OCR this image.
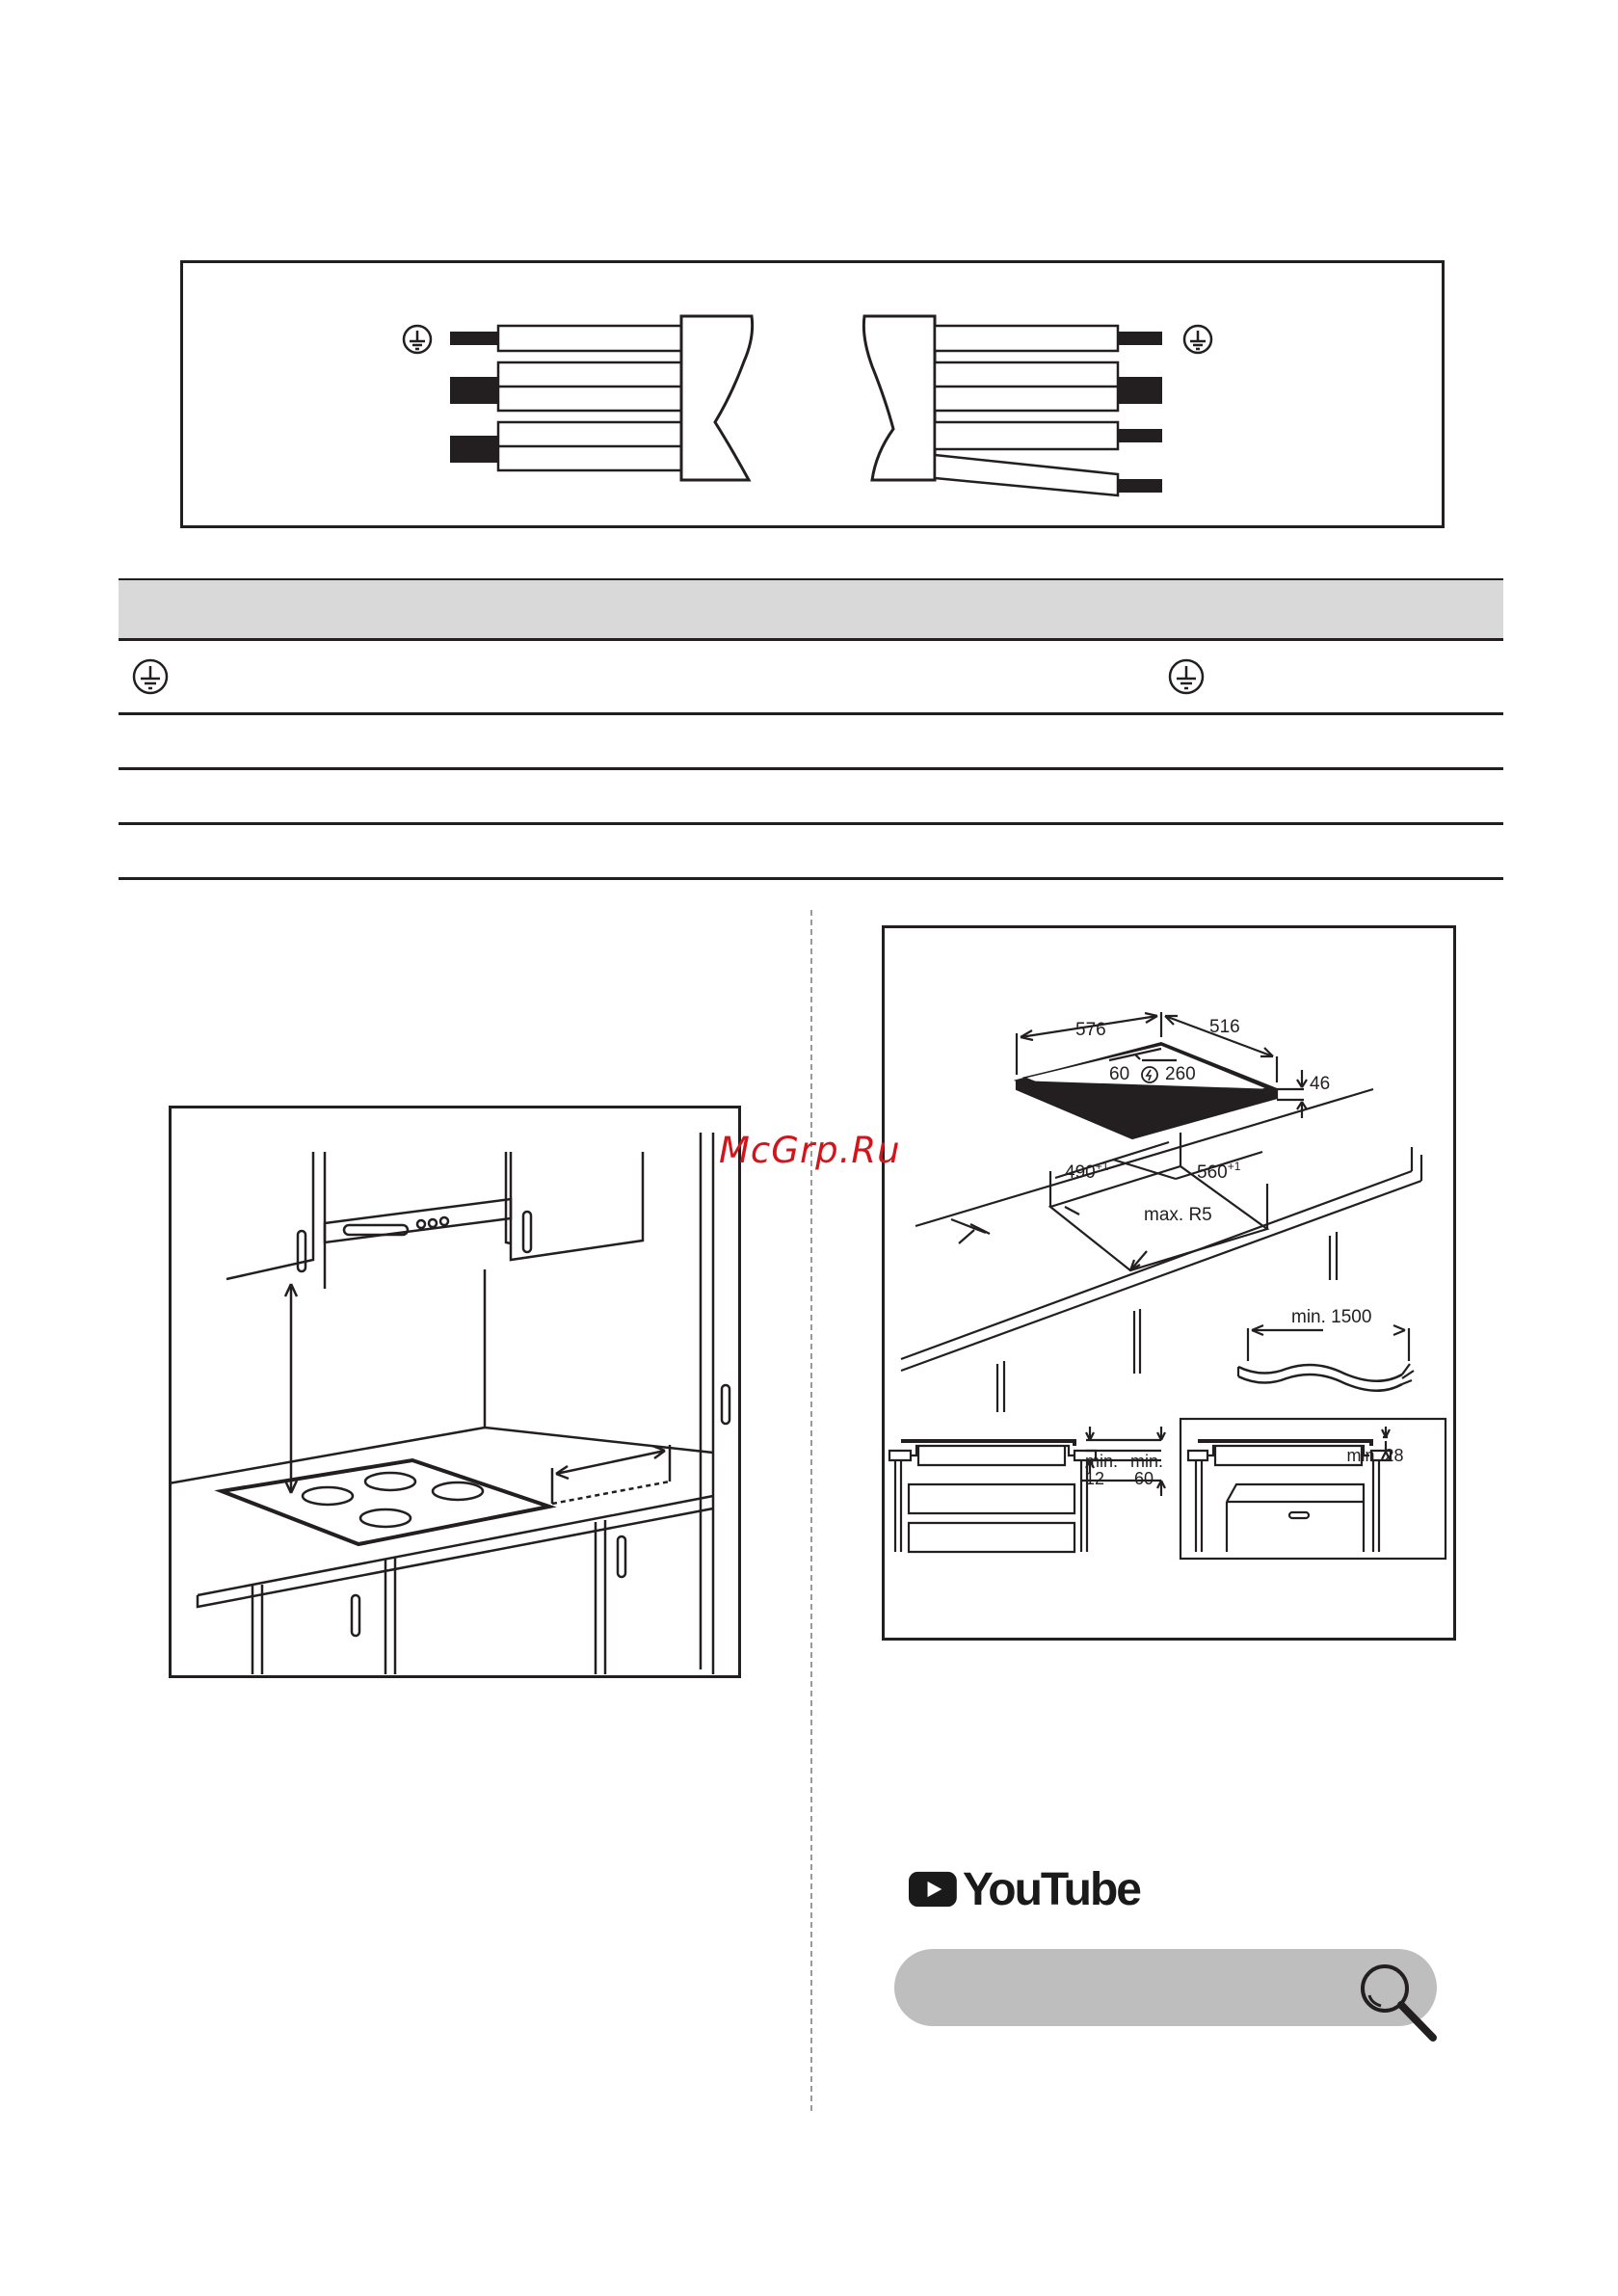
576	516
60 260	46
$490^{+1}$	$560^{+1}$
max. R5
min. 1500
min. min.
12 60
min. 28
McGrp.Ru
YouTube
